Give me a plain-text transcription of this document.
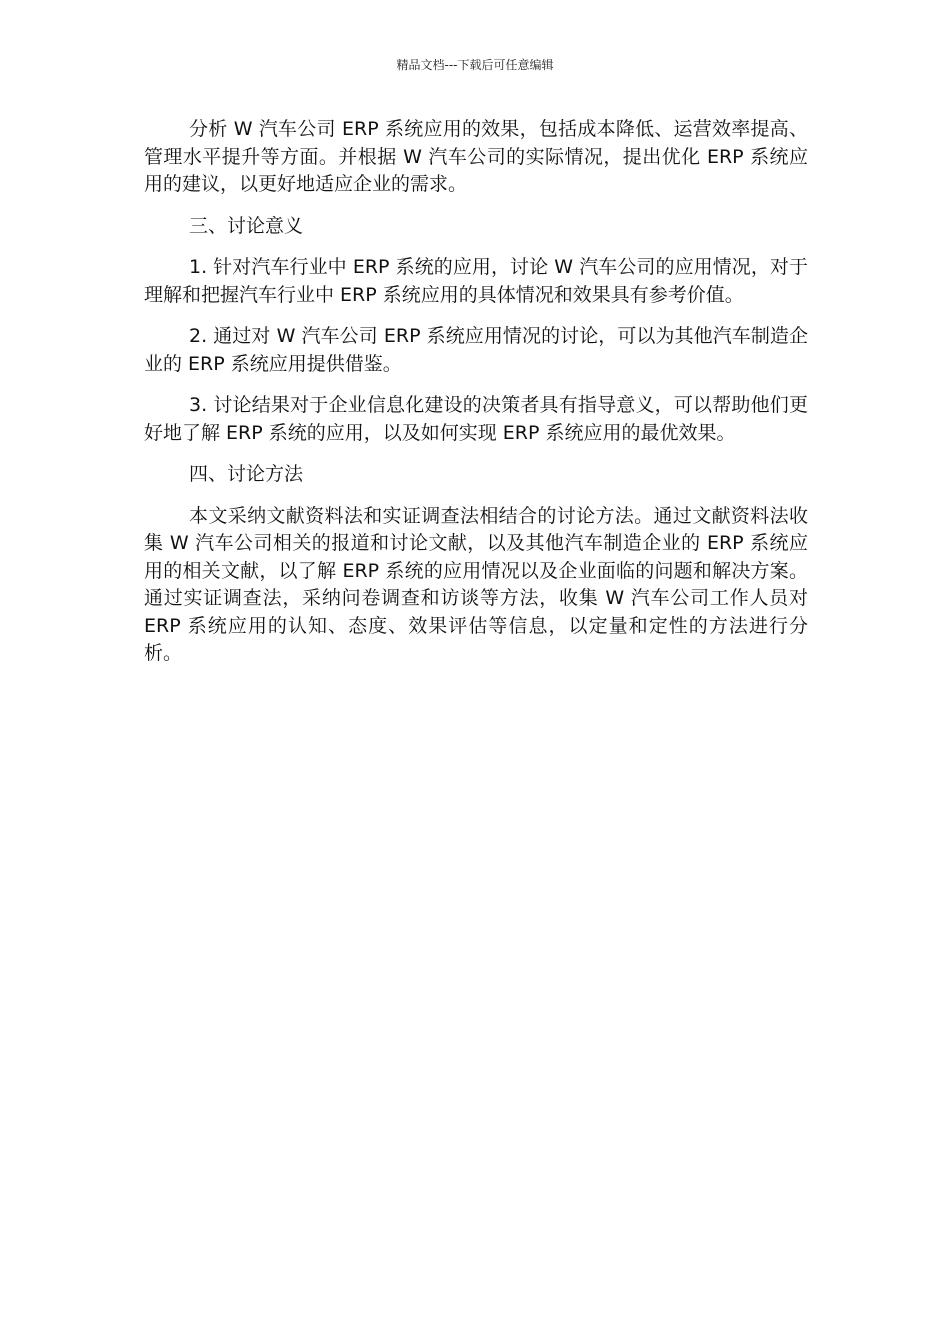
精品文档---下载后可任意编辑

分析 W 汽车公司 ERP 系统应用的效果，包括成本降低、运营效率提高、管理水平提升等方面。并根据 W 汽车公司的实际情况，提出优化 ERP 系统应用的建议，以更好地适应企业的需求。

三、讨论意义

1. 针对汽车行业中 ERP 系统的应用，讨论 W 汽车公司的应用情况，对于理解和把握汽车行业中 ERP 系统应用的具体情况和效果具有参考价值。

2. 通过对 W 汽车公司 ERP 系统应用情况的讨论，可以为其他汽车制造企业的 ERP 系统应用提供借鉴。

3. 讨论结果对于企业信息化建设的决策者具有指导意义，可以帮助他们更好地了解 ERP 系统的应用，以及如何实现 ERP 系统应用的最优效果。

四、讨论方法

本文采纳文献资料法和实证调查法相结合的讨论方法。通过文献资料法收集 W 汽车公司相关的报道和讨论文献，以及其他汽车制造企业的 ERP 系统应用的相关文献，以了解 ERP 系统的应用情况以及企业面临的问题和解决方案。通过实证调查法，采纳问卷调查和访谈等方法，收集 W 汽车公司工作人员对 ERP 系统应用的认知、态度、效果评估等信息，以定量和定性的方法进行分析。
